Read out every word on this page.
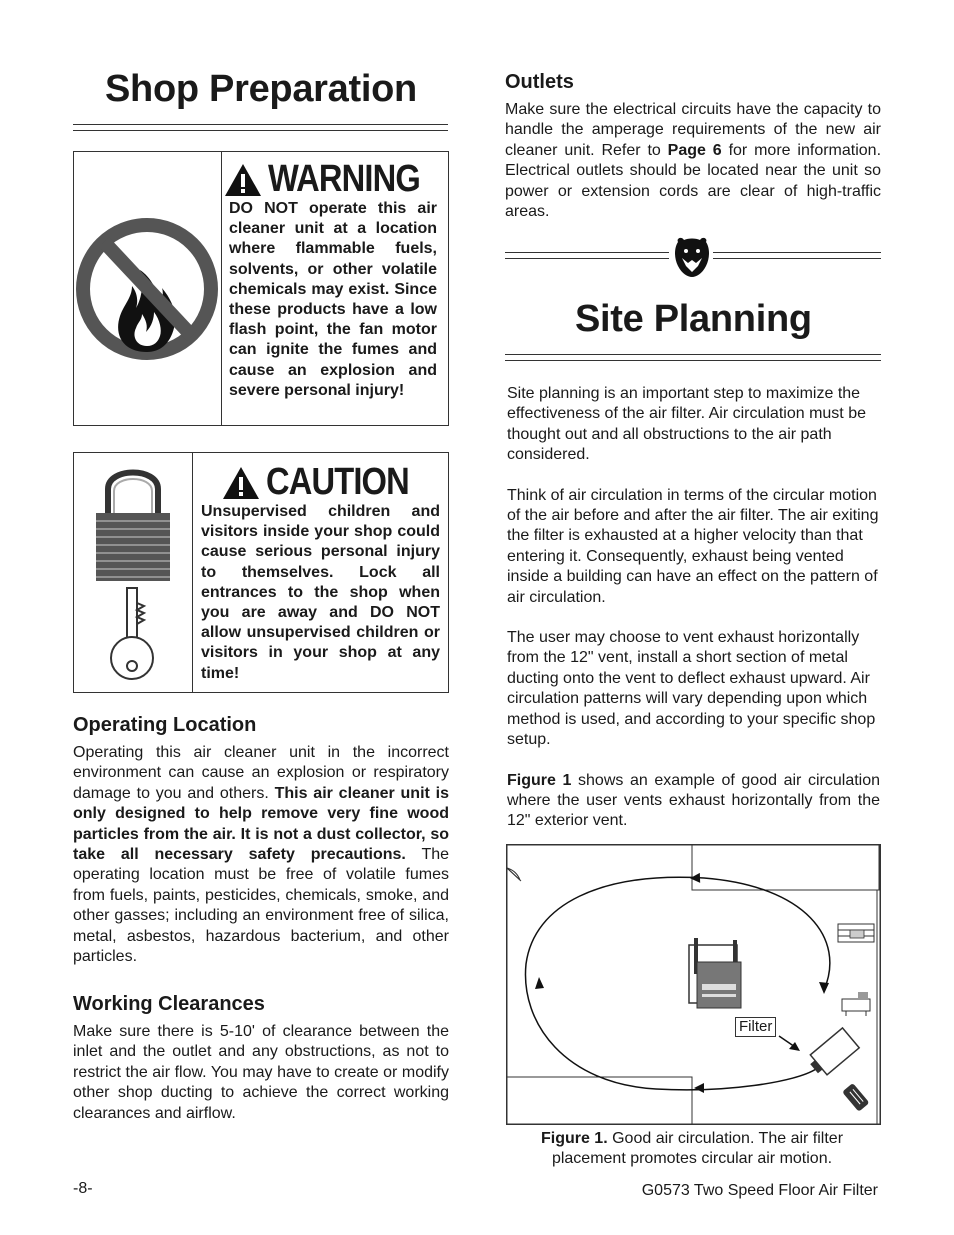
Shop Preparation
WARNING
DO NOT operate this air cleaner unit at a location where flammable fuels, solvents, or other volatile chemicals may exist. Since these products have a low flash point, the fan motor can ignite the fumes and cause an explosion and severe personal injury!
CAUTION
Unsupervised children and visitors inside your shop could cause serious personal injury to themselves. Lock all entrances to the shop when you are away and DO NOT allow unsupervised children or visitors in your shop at any time!
Operating Location
Operating this air cleaner unit in the incorrect environment can cause an explosion or respiratory damage to you and others. This air cleaner unit is only designed to help remove very fine wood particles from the air. It is not a dust collector, so take all necessary safety precautions. The operating location must be free of volatile fumes from fuels, paints, pesticides, chemicals, smoke, and other gasses; including an environment free of silica, metal, asbestos, hazardous bacterium, and other particles.
Working Clearances
Make sure there is 5-10' of clearance between the inlet and the outlet and any obstructions, as not to restrict the air flow. You may have to create or modify other shop ducting to achieve the correct working clearances and airflow.
Outlets
Make sure the electrical circuits have the capacity to handle the amperage requirements of the new air cleaner unit. Refer to Page 6 for more information. Electrical outlets should be located near the unit so power or extension cords are clear of high-traffic areas.
Site Planning

Site planning is an important step to maximize the effectiveness of the air filter. Air circulation must be thought out and all obstructions to the air path considered.

Think of air circulation in terms of the circular motion of the air before and after the air filter. The air exiting the filter is exhausted at a higher velocity than that entering it. Consequently, exhaust being vented inside a building can have an effect on the pattern of air circulation.

The user may choose to vent exhaust horizontally from the 12" vent, install a short section of metal ducting onto the vent to deflect exhaust upward. Air circulation patterns will vary depending upon which method is used, and according to your specific shop setup.

Figure 1 shows an example of good air circulation where the user vents exhaust horizontally from the 12" exterior vent.

Filter
Figure 1. Good air circulation. The air filter placement promotes circular air motion.
-8-	G0573 Two Speed Floor Air Filter
